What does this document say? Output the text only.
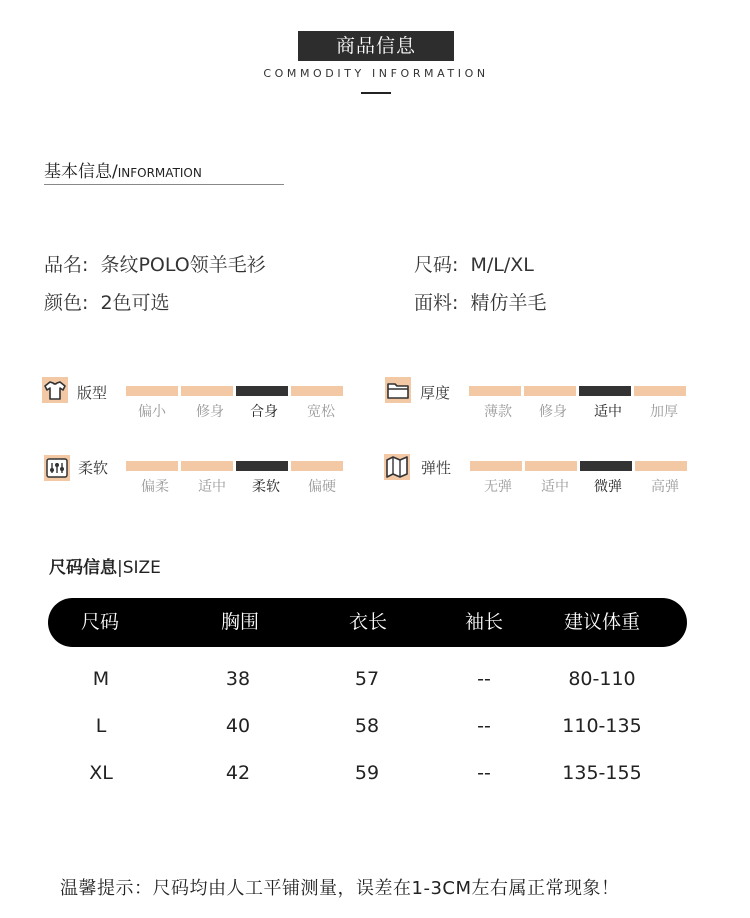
商品信息
COMMODITY INFORMATION
基本信息/INFORMATION
品名: 条纹POLO领羊毛衫	尺码: M/L/XL
颜色: 2色可选	面料: 精仿羊毛
版型
偏小	修身	合身	宽松
厚度
薄款	修身	适中	加厚
柔软
偏柔	适中	柔软	偏硬
弹性
无弹	适中	微弹	高弹
尺码信息|SIZE
尺码	胸围	衣长	袖长	建议体重
M	38	57	--	80-110
L	40	58	--	110-135
XL	42	59	--	135-155
温馨提示：尺码均由人工平铺测量，误差在1-3CM左右属正常现象！
